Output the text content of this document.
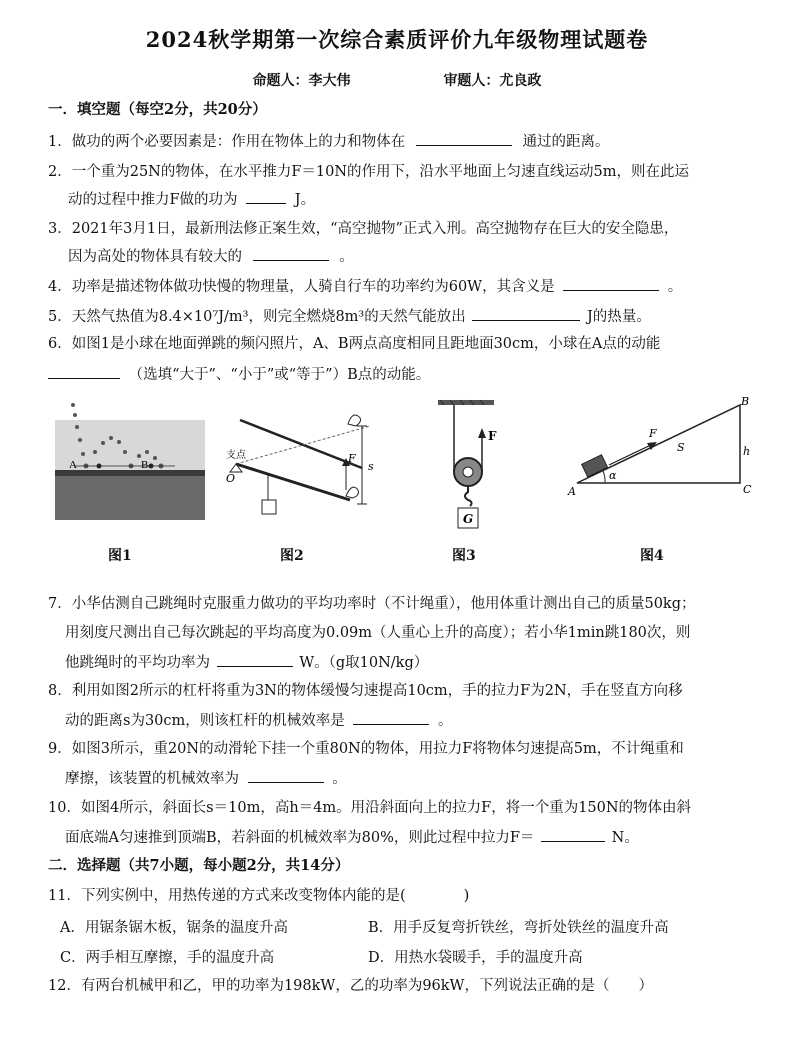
2024秋学期第一次综合素质评价九年级物理试题卷
命题人：李大伟	审题人：尤良政
一．填空题（每空2分，共20分）
1．做功的两个必要因素是：作用在物体上的力和物体在	通过的距离。
2．一个重为25N的物体，在水平推力F＝10N的作用下，沿水平地面上匀速直线运动5m，则在此运
动的过程中推力F做的功为	J。
3．2021年3月1日，最新刑法修正案生效，“高空抛物”正式入刑。高空抛物存在巨大的安全隐患，
因为高处的物体具有较大的	。
4．功率是描述物体做功快慢的物理量，人骑自行车的功率约为60W，其含义是	。
5．天然气热值为8.4×10⁷J/m³，则完全燃烧8m³的天然气能放出	J的热量。
6．如图1是小球在地面弹跳的频闪照片，A、B两点高度相同且距地面30cm，小球在A点的动能
（选填“大于”、“小于”或“等于”）B点的动能。
A	B
图1
支点
O
F
s
图2
F
G
图3
A
B
C
F
S	h
α
图4
7．小华估测自己跳绳时克服重力做功的平均功率时（不计绳重），他用体重计测出自己的质量50kg；
用刻度尺测出自己每次跳起的平均高度为0.09m（人重心上升的高度）；若小华1min跳180次，则
他跳绳时的平均功率为	W。（g取10N/kg）
8．利用如图2所示的杠杆将重为3N的物体缓慢匀速提高10cm，手的拉力F为2N，手在竖直方向移
动的距离s为30cm，则该杠杆的机械效率是	。
9．如图3所示，重20N的动滑轮下挂一个重80N的物体，用拉力F将物体匀速提高5m，不计绳重和
摩擦，该装置的机械效率为	。
10．如图4所示，斜面长s＝10m，高h＝4m。用沿斜面向上的拉力F，将一个重为150N的物体由斜
面底端A匀速推到顶端B，若斜面的机械效率为80%，则此过程中拉力F＝	N。
二．选择题（共7小题，每小题2分，共14分）
11．下列实例中，用热传递的方式来改变物体内能的是(　　　　)
A．用锯条锯木板，锯条的温度升高	B．用手反复弯折铁丝，弯折处铁丝的温度升高
C．两手相互摩擦，手的温度升高	D．用热水袋暖手，手的温度升高
12．有两台机械甲和乙，甲的功率为198kW，乙的功率为96kW，下列说法正确的是（　　）
